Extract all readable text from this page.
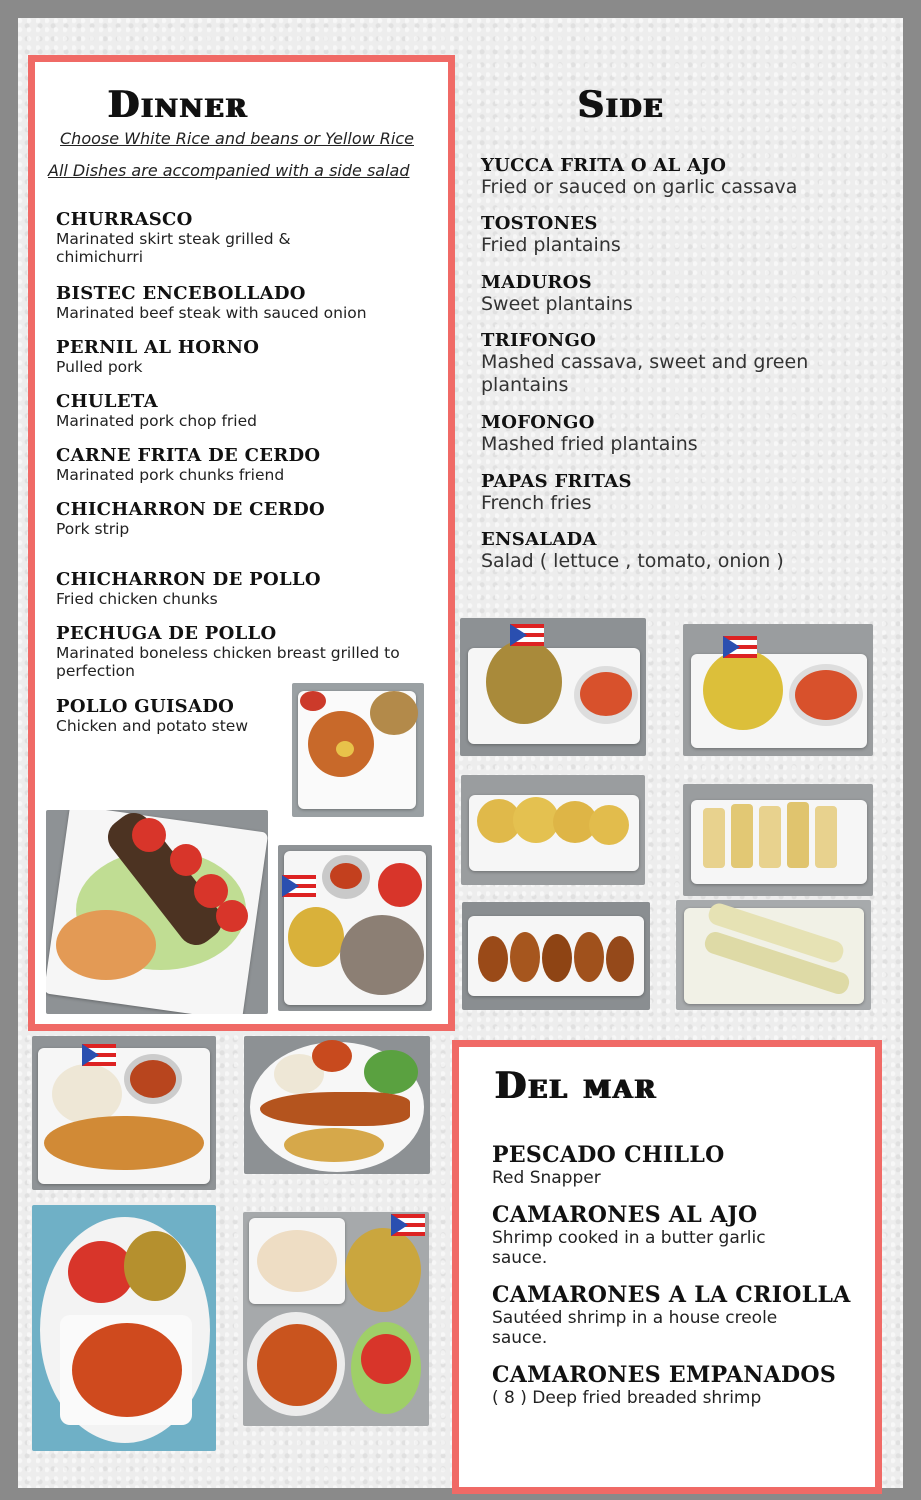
Dinner
Choose White Rice and beans or Yellow Rice
All Dishes are accompanied with a side salad
CHURRASCO
Marinated skirt steak grilled & chimichurri
BISTEC ENCEBOLLADO
Marinated beef steak with sauced onion
PERNIL AL HORNO
Pulled pork
CHULETA
Marinated pork chop fried
CARNE FRITA DE CERDO
Marinated pork chunks friend
CHICHARRON DE CERDO
Pork strip
CHICHARRON DE POLLO
Fried chicken chunks
PECHUGA DE POLLO
Marinated boneless chicken breast grilled to perfection
POLLO GUISADO
Chicken and potato stew
Side
YUCCA FRITA O AL AJO
Fried or sauced on garlic cassava
TOSTONES
Fried plantains
MADUROS
Sweet plantains
TRIFONGO
Mashed cassava, sweet and green plantains
MOFONGO
Mashed fried plantains
PAPAS FRITAS
French fries
ENSALADA
Salad ( lettuce , tomato, onion )
Del mar
PESCADO CHILLO
Red Snapper
CAMARONES AL AJO
Shrimp cooked in a butter garlic sauce.
CAMARONES A LA CRIOLLA
Sautéed shrimp in a house creole sauce.
CAMARONES EMPANADOS
( 8 ) Deep fried breaded shrimp
